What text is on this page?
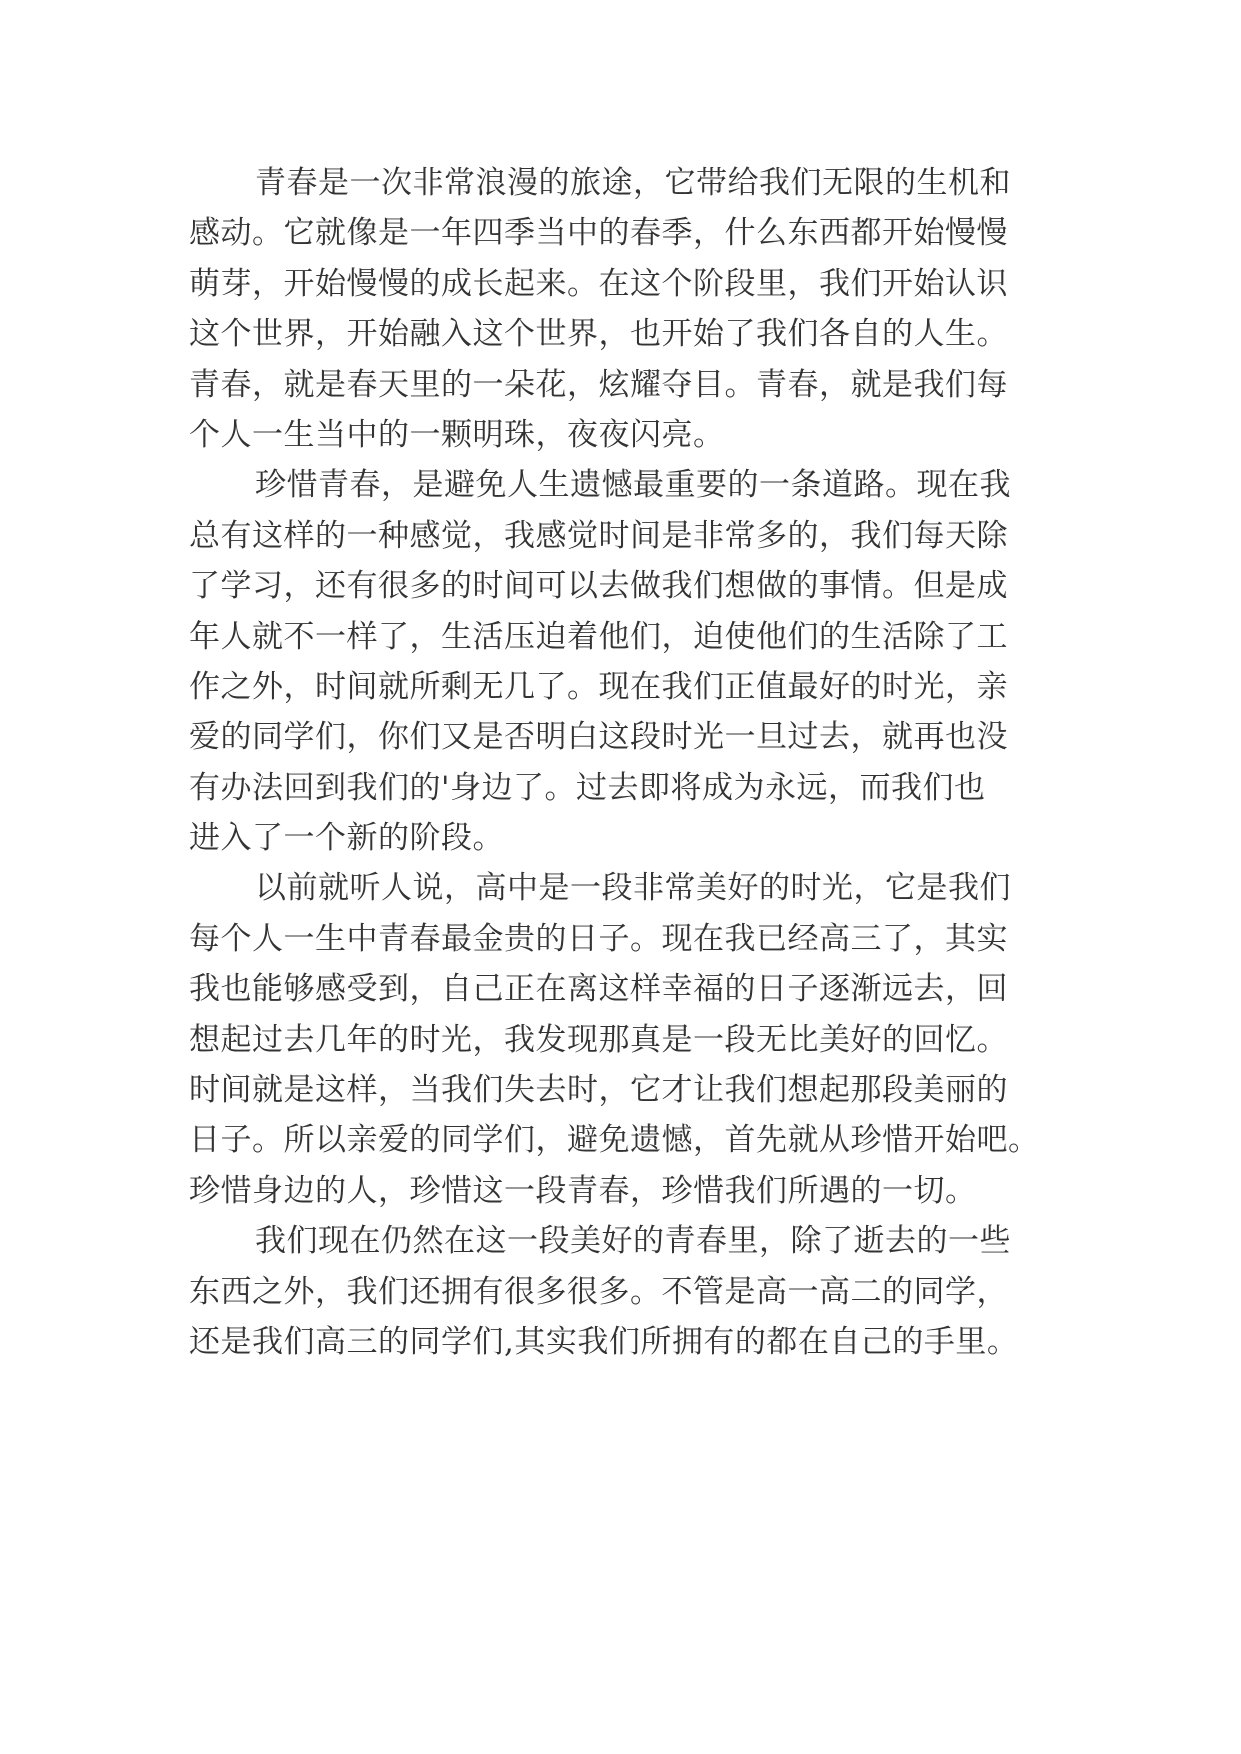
青春是一次非常浪漫的旅途，它带给我们无限的生机和
感动。它就像是一年四季当中的春季，什么东西都开始慢慢
萌芽，开始慢慢的成长起来。在这个阶段里，我们开始认识
这个世界，开始融入这个世界，也开始了我们各自的人生。
青春，就是春天里的一朵花，炫耀夺目。青春，就是我们每
个人一生当中的一颗明珠，夜夜闪亮。

珍惜青春，是避免人生遗憾最重要的一条道路。现在我
总有这样的一种感觉，我感觉时间是非常多的，我们每天除
了学习，还有很多的时间可以去做我们想做的事情。但是成
年人就不一样了，生活压迫着他们，迫使他们的生活除了工
作之外，时间就所剩无几了。现在我们正值最好的时光，亲
爱的同学们，你们又是否明白这段时光一旦过去，就再也没
有办法回到我们的'身边了。过去即将成为永远，而我们也
进入了一个新的阶段。

以前就听人说，高中是一段非常美好的时光，它是我们
每个人一生中青春最金贵的日子。现在我已经高三了，其实
我也能够感受到，自己正在离这样幸福的日子逐渐远去，回
想起过去几年的时光，我发现那真是一段无比美好的回忆。
时间就是这样，当我们失去时，它才让我们想起那段美丽的
日子。所以亲爱的同学们，避免遗憾，首先就从珍惜开始吧。
珍惜身边的人，珍惜这一段青春，珍惜我们所遇的一切。

我们现在仍然在这一段美好的青春里，除了逝去的一些
东西之外，我们还拥有很多很多。不管是高一高二的同学，
还是我们高三的同学们,其实我们所拥有的都在自己的手里。
